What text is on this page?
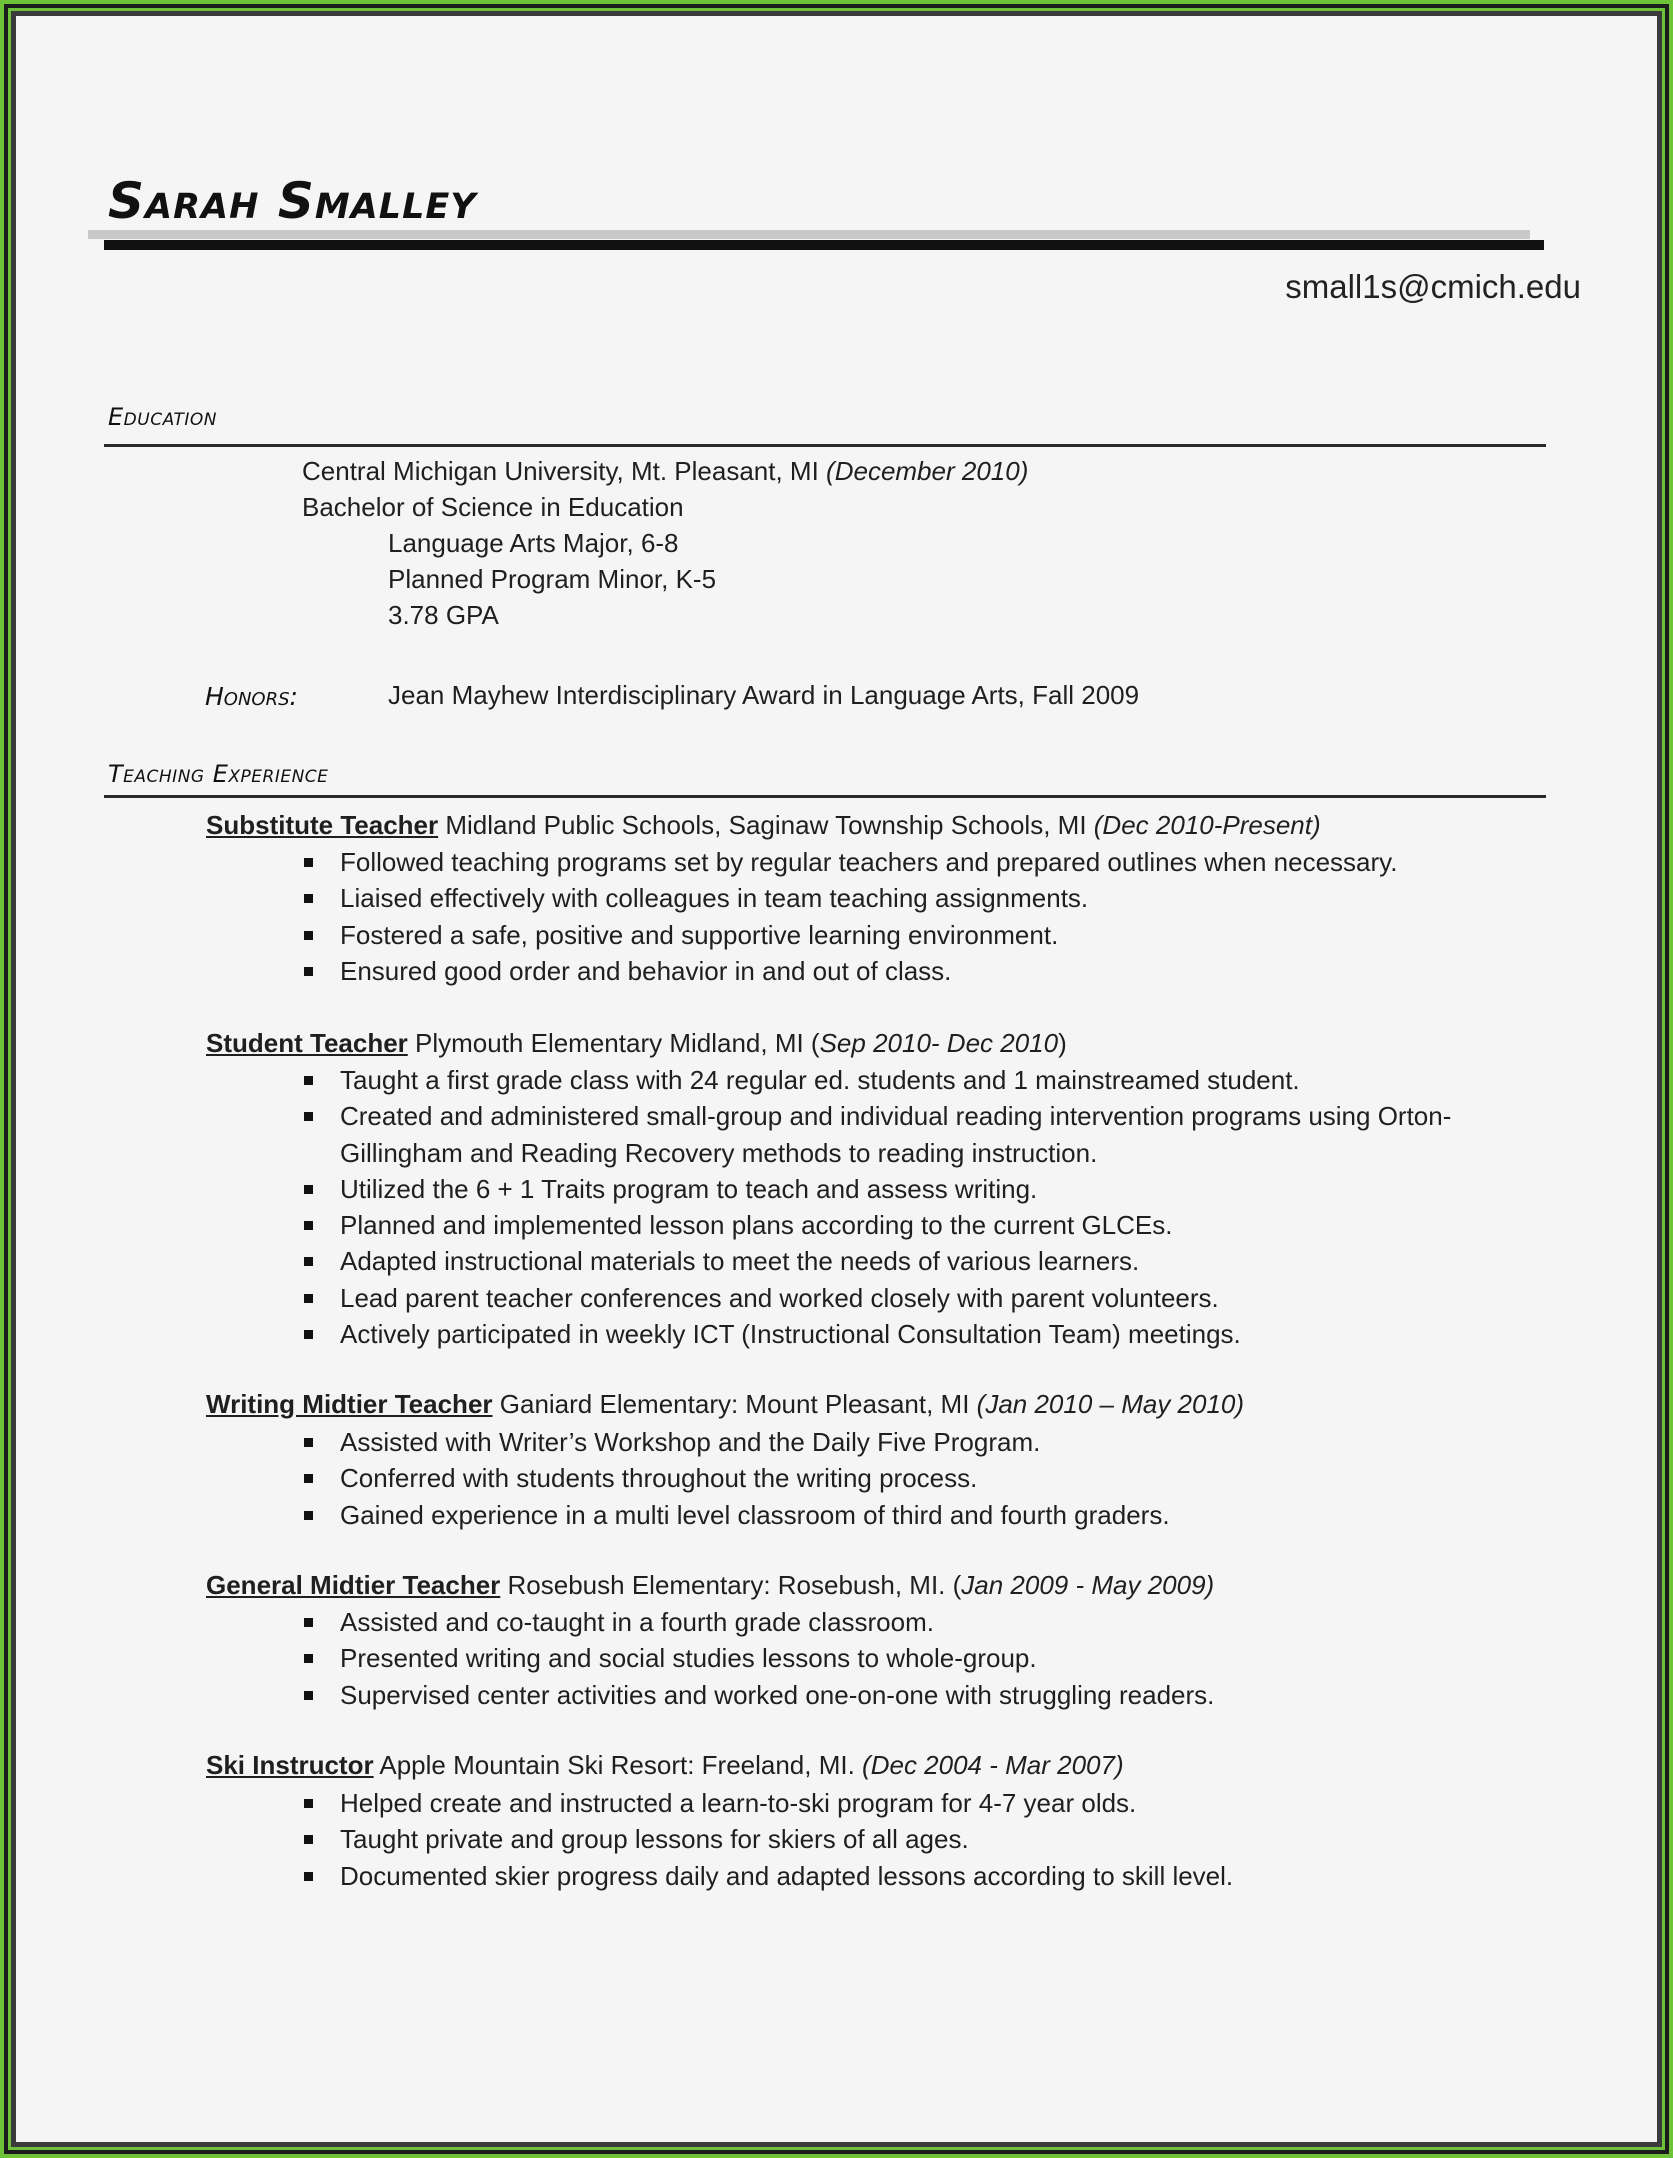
Sarah Smalley
small1s@cmich.edu
Education
Central Michigan University, Mt. Pleasant, MI (December 2010)
Bachelor of Science in Education
Language Arts Major, 6-8
Planned Program Minor, K-5
3.78 GPA
Honors:	Jean Mayhew Interdisciplinary Award in Language Arts, Fall 2009
Teaching Experience
Substitute Teacher Midland Public Schools, Saginaw Township Schools, MI (Dec 2010-Present)
Followed teaching programs set by regular teachers and prepared outlines when necessary.
Liaised effectively with colleagues in team teaching assignments.
Fostered a safe, positive and supportive learning environment.
Ensured good order and behavior in and out of class.
Student Teacher Plymouth Elementary Midland, MI (Sep 2010- Dec 2010)
Taught a first grade class with 24 regular ed. students and 1 mainstreamed student.
Created and administered small-group and individual reading intervention programs using Orton-
Gillingham and Reading Recovery methods to reading instruction.
Utilized the 6 + 1 Traits program to teach and assess writing.
Planned and implemented lesson plans according to the current GLCEs.
Adapted instructional materials to meet the needs of various learners.
Lead parent teacher conferences and worked closely with parent volunteers.
Actively participated in weekly ICT (Instructional Consultation Team) meetings.
Writing Midtier Teacher Ganiard Elementary: Mount Pleasant, MI (Jan 2010 – May 2010)
Assisted with Writer’s Workshop and the Daily Five Program.
Conferred with students throughout the writing process.
Gained experience in a multi level classroom of third and fourth graders.
General Midtier Teacher Rosebush Elementary: Rosebush, MI. (Jan 2009 - May 2009)
Assisted and co-taught in a fourth grade classroom.
Presented writing and social studies lessons to whole-group.
Supervised center activities and worked one-on-one with struggling readers.
Ski Instructor Apple Mountain Ski Resort: Freeland, MI. (Dec 2004 - Mar 2007)
Helped create and instructed a learn-to-ski program for 4-7 year olds.
Taught private and group lessons for skiers of all ages.
Documented skier progress daily and adapted lessons according to skill level.
